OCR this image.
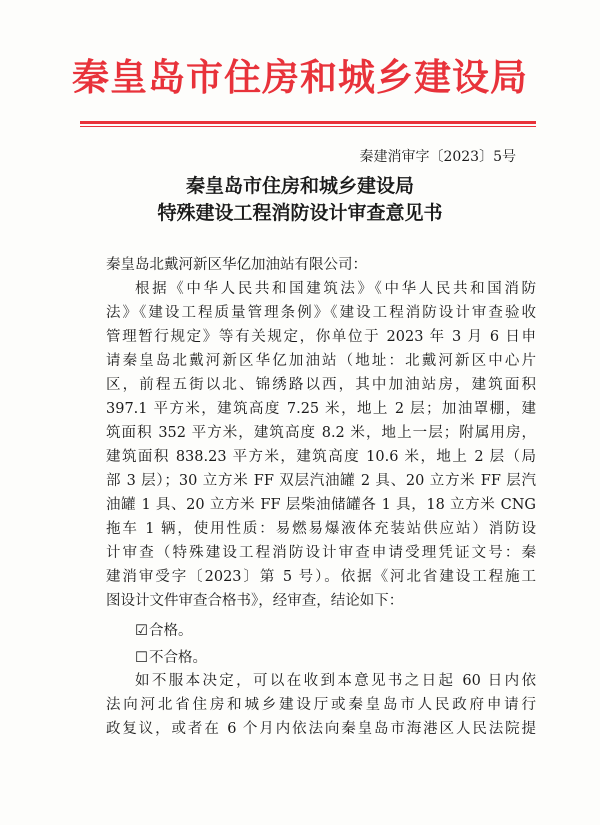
秦皇岛市住房和城乡建设局
秦建消审字〔2023〕5号
秦皇岛市住房和城乡建设局
特殊建设工程消防设计审查意见书
秦皇岛北戴河新区华亿加油站有限公司：
根据《中华人民共和国建筑法》《中华人民共和国消防
法》《建设工程质量管理条例》《建设工程消防设计审查验收
管理暂行规定》等有关规定，你单位于 2023 年 3 月 6 日申
请秦皇岛北戴河新区华亿加油站（地址：北戴河新区中心片
区，前程五街以北、锦绣路以西，其中加油站房，建筑面积
397.1 平方米，建筑高度 7.25 米，地上 2 层；加油罩棚，建
筑面积 352 平方米，建筑高度 8.2 米，地上一层；附属用房，
建筑面积 838.23 平方米，建筑高度 10.6 米，地上 2 层（局
部 3 层）；30 立方米 FF 双层汽油罐 2 具、20 立方米 FF 层汽
油罐 1 具、20 立方米 FF 层柴油储罐各 1 具，18 立方米 CNG
拖车 1 辆，使用性质：易燃易爆液体充装站供应站）消防设
计审查（特殊建设工程消防设计审查申请受理凭证文号：秦
建消审受字〔2023〕第 5 号）。依据《河北省建设工程施工
图设计文件审查合格书》，经审查，结论如下：
☑合格。
☐不合格。
如不服本决定，可以在收到本意见书之日起 60 日内依
法向河北省住房和城乡建设厅或秦皇岛市人民政府申请行
政复议，或者在 6 个月内依法向秦皇岛市海港区人民法院提
